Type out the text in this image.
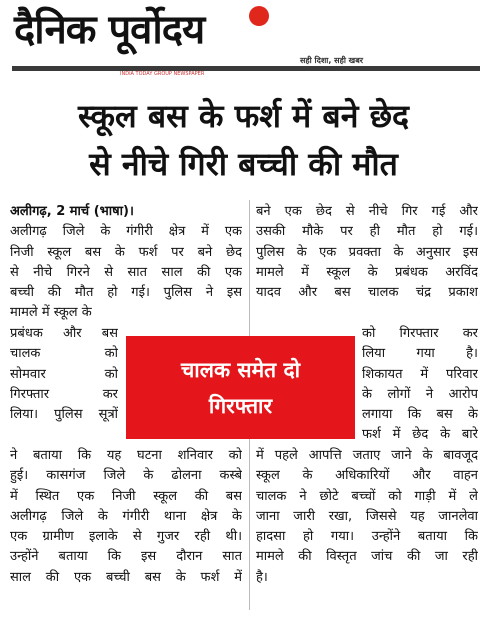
दैनिक पूर्वोदय
सही दिशा, सही खबर
INDIA TODAY GROUP NEWSPAPER
स्कूल बस के फर्श में बने छेद
से नीचे गिरी बच्ची की मौत
अलीगढ़, 2 मार्च (भाषा)।
अलीगढ़ जिले के गंगीरी क्षेत्र में एक
निजी स्कूल बस के फर्श पर बने छेद
से नीचे गिरने से सात साल की एक
बच्ची की मौत हो गई। पुलिस ने इस
मामले में स्कूल के
प्रबंधक और बस
चालक को
सोमवार को
गिरफ्तार कर
लिया। पुलिस सूत्रों
ने बताया कि यह घटना शनिवार को
हुई। कासगंज जिले के ढोलना कस्बे
में स्थित एक निजी स्कूल की बस
अलीगढ़ जिले के गंगीरी थाना क्षेत्र के
एक ग्रामीण इलाके से गुजर रही थी।
उन्होंने बताया कि इस दौरान सात
साल की एक बच्ची बस के फर्श में
चालक समेत दो
गिरफ्तार
बने एक छेद से नीचे गिर गई और
उसकी मौके पर ही मौत हो गई।
पुलिस के एक प्रवक्ता के अनुसार इस
मामले में स्कूल के प्रबंधक अरविंद
यादव और बस चालक चंद्र प्रकाश
को गिरफ्तार कर
लिया गया है।
शिकायत में परिवार
के लोगों ने आरोप
लगाया कि बस के
फर्श में छेद के बारे
में पहले आपत्ति जताए जाने के बावजूद
स्कूल के अधिकारियों और वाहन
चालक ने छोटे बच्चों को गाड़ी में ले
जाना जारी रखा, जिससे यह जानलेवा
हादसा हो गया। उन्होंने बताया कि
मामले की विस्तृत जांच की जा रही
है।
